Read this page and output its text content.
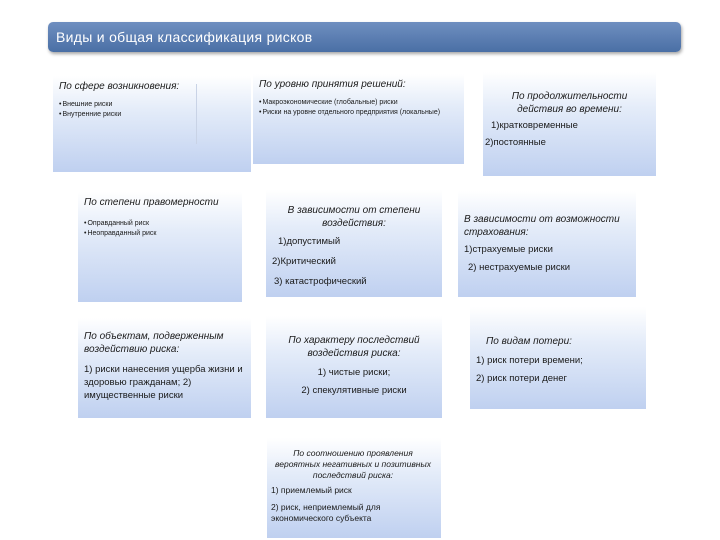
Виды и общая классификация рисков
По сфере возникновения:
• Внешние риски
• Внутренние риски
По уровню принятия решений:
• Макроэкономические (глобальные) риски
• Риски на уровне отдельного предприятия (локальные)
По продолжительности действия во времени:
1)кратковременные
2)постоянные
По степени правомерности
• Оправданный риск
• Неоправданный риск
В зависимости от степени воздействия:
1)допустимый
2)Критический
3) катастрофический
В зависимости от возможности страхования:
1)страхуемые риски
2) нестрахуемые риски
По объектам, подверженным воздействию риска:
1) риски нанесения ущерба жизни и здоровью гражданам; 2) имущественные риски
По характеру последствий воздействия риска:
1) чистые риски;
2) спекулятивные риски
По видам потери:
1) риск потери времени;
2) риск потери денег
По соотношению проявления вероятных негативных и позитивных последствий риска:
1) приемлемый риск
2) риск, неприемлемый для экономического субъекта
